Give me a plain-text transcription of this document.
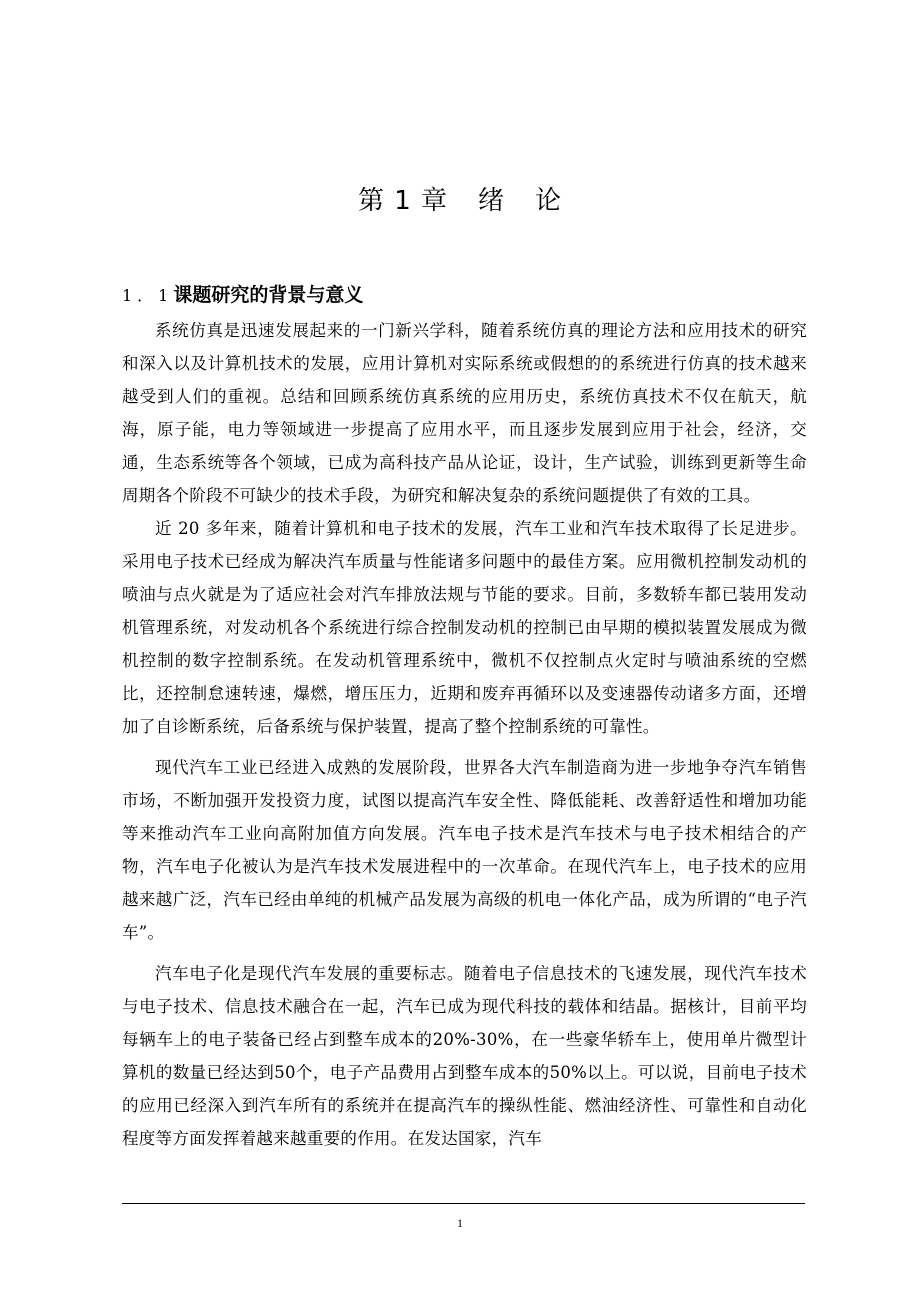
第 1 章 绪 论
1．1课题研究的背景与意义

系统仿真是迅速发展起来的一门新兴学科，随着系统仿真的理论方法和应用技术的研究和深入以及计算机技术的发展，应用计算机对实际系统或假想的的系统进行仿真的技术越来越受到人们的重视。总结和回顾系统仿真系统的应用历史，系统仿真技术不仅在航天，航海，原子能，电力等领域进一步提高了应用水平，而且逐步发展到应用于社会，经济，交通，生态系统等各个领域，已成为高科技产品从论证，设计，生产试验，训练到更新等生命周期各个阶段不可缺少的技术手段，为研究和解决复杂的系统问题提供了有效的工具。

近 20 多年来，随着计算机和电子技术的发展，汽车工业和汽车技术取得了长足进步。采用电子技术已经成为解决汽车质量与性能诸多问题中的最佳方案。应用微机控制发动机的喷油与点火就是为了适应社会对汽车排放法规与节能的要求。目前，多数轿车都已装用发动机管理系统，对发动机各个系统进行综合控制发动机的控制已由早期的模拟装置发展成为微机控制的数字控制系统。在发动机管理系统中，微机不仅控制点火定时与喷油系统的空燃比，还控制怠速转速，爆燃，增压压力，近期和废弃再循环以及变速器传动诸多方面，还增加了自诊断系统，后备系统与保护装置，提高了整个控制系统的可靠性。

现代汽车工业已经进入成熟的发展阶段，世界各大汽车制造商为进一步地争夺汽车销售市场，不断加强开发投资力度，试图以提高汽车安全性、降低能耗、改善舒适性和增加功能等来推动汽车工业向高附加值方向发展。汽车电子技术是汽车技术与电子技术相结合的产物，汽车电子化被认为是汽车技术发展进程中的一次革命。在现代汽车上，电子技术的应用越来越广泛，汽车已经由单纯的机械产品发展为高级的机电一体化产品，成为所谓的“电子汽车”。

汽车电子化是现代汽车发展的重要标志。随着电子信息技术的飞速发展，现代汽车技术与电子技术、信息技术融合在一起，汽车已成为现代科技的载体和结晶。据核计，目前平均每辆车上的电子装备已经占到整车成本的20%-30%，在一些豪华轿车上，使用单片微型计算机的数量已经达到50个，电子产品费用占到整车成本的50%以上。可以说，目前电子技术的应用已经深入到汽车所有的系统并在提高汽车的操纵性能、燃油经济性、可靠性和自动化程度等方面发挥着越来越重要的作用。在发达国家，汽车

1
